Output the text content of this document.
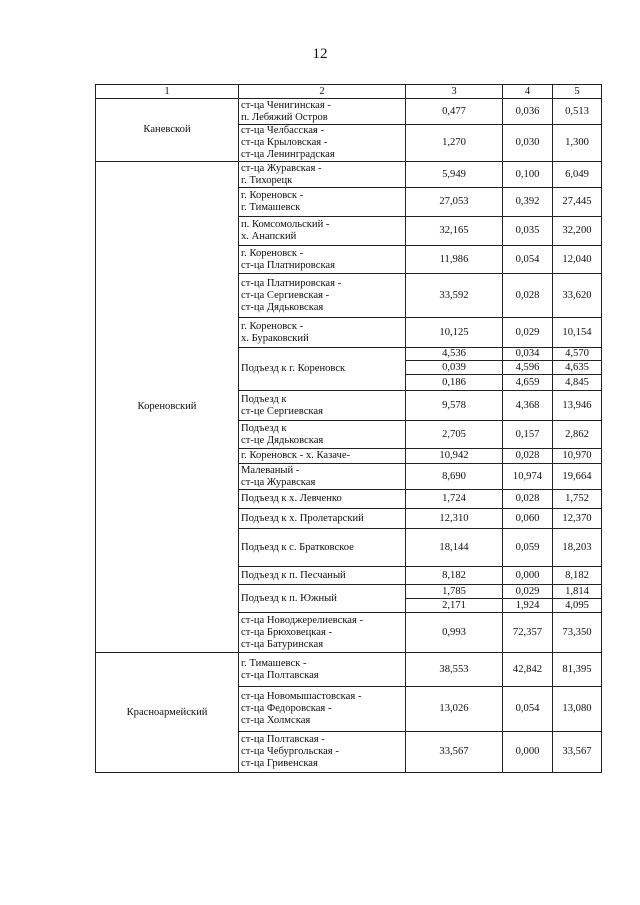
12
1	2	3	4	5
Каневской	ст-ца Ченигинская -
п. Лебяжий Остров	0,477	0,036	0,513
	ст-ца Челбасская -
ст-ца Крыловская -
ст-ца Ленинградская	1,270	0,030	1,300
Кореновский	ст-ца Журавская -
г. Тихорецк	5,949	0,100	6,049
	г. Кореновск -
г. Тимашевск	27,053	0,392	27,445
	п. Комсомольский -
х. Анапский	32,165	0,035	32,200
	г. Кореновск -
ст-ца Платнировская	11,986	0,054	12,040
	ст-ца Платнировская -
ст-ца Сергиевская -
ст-ца Дядьковская	33,592	0,028	33,620
	г. Кореновск -
х. Бураковский	10,125	0,029	10,154
	Подъезд к г. Кореновск	4,536	0,034	4,570
		0,039	4,596	4,635
		0,186	4,659	4,845
	Подъезд к
ст-це Сергиевская	9,578	4,368	13,946
	Подъезд к
ст-це Дядьковская	2,705	0,157	2,862
	г. Кореновск - х. Казаче-	10,942	0,028	10,970
	Малеваный -
ст-ца Журавская	8,690	10,974	19,664
	Подъезд к х. Левченко	1,724	0,028	1,752
	Подъезд к х. Пролетарский	12,310	0,060	12,370
	Подъезд к с. Братковское	18,144	0,059	18,203
	Подъезд к п. Песчаный	8,182	0,000	8,182
	Подъезд к п. Южный	1,785	0,029	1,814
		2,171	1,924	4,095
	ст-ца Новоджерелиевская -
ст-ца Брюховецкая -
ст-ца Батуринская	0,993	72,357	73,350
Красноармейский	г. Тимашевск -
ст-ца Полтавская	38,553	42,842	81,395
	ст-ца Новомышастовская -
ст-ца Федоровская -
ст-ца Холмская	13,026	0,054	13,080
	ст-ца Полтавская -
ст-ца Чебургольская -
ст-ца Гривенская	33,567	0,000	33,567
